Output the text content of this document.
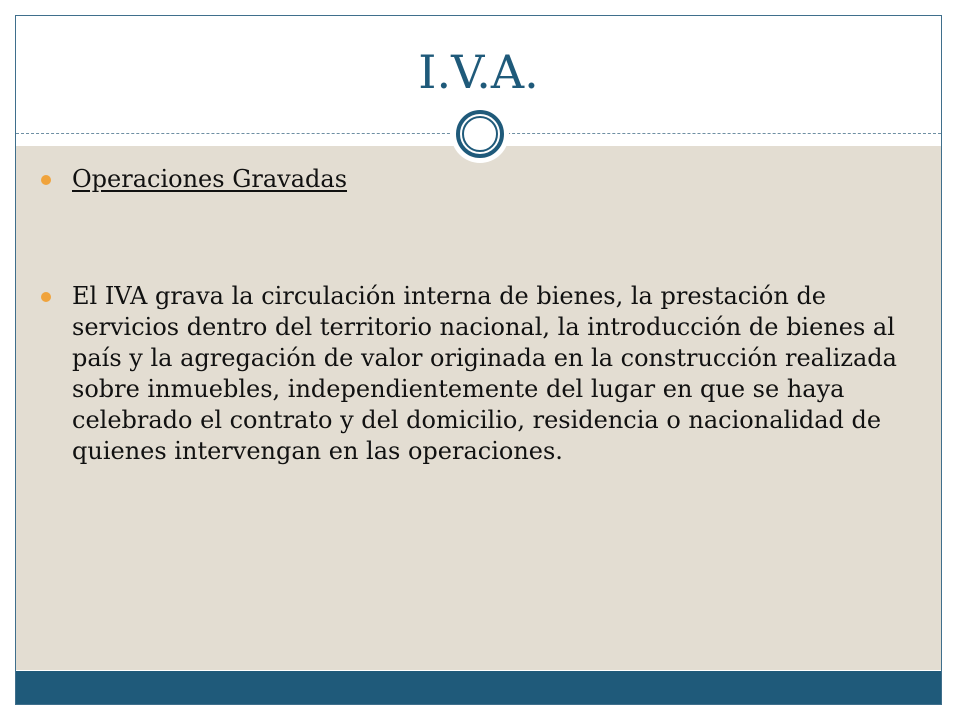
I.V.A.
Operaciones Gravadas
El IVA grava la circulación interna de bienes, la prestación de servicios dentro del territorio nacional, la introducción de bienes al país y la agregación de valor originada en la construcción realizada sobre inmuebles, independientemente del lugar en que se haya celebrado el contrato y del domicilio, residencia o nacionalidad de quienes intervengan en las operaciones.
